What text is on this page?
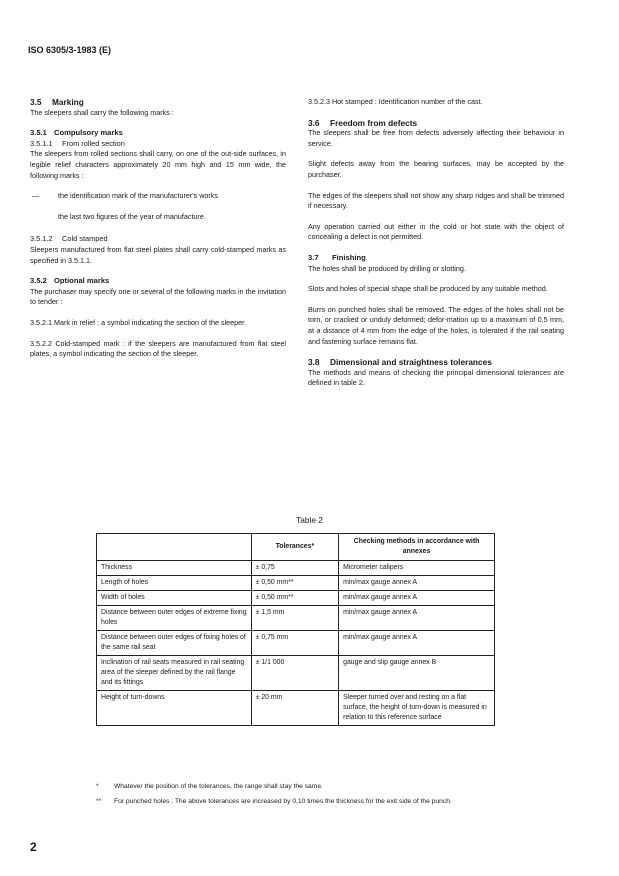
ISO 6305/3-1983 (E)

3.5 Marking

The sleepers shall carry the following marks :

3.5.1 Compulsory marks

3.5.1.1 From rolled section

The sleepers from rolled sections shall carry, on one of the out-side surfaces, in legible relief characters approximately 20 mm high and 15 mm wide, the following marks :

—	the identification mark of the manufacturer's works

the last two figures of the year of manufacture.

3.5.1.2 Cold stamped

Sleepers manufactured from flat steel plates shall carry cold-stamped marks as specified in 3.5.1.1.

3.5.2 Optional marks

The purchaser may specify one or several of the following marks in the invitation to tender :

3.5.2.1 Mark in relief : a symbol indicating the section of the sleeper.

3.5.2.2 Cold-stamped mark : if the sleepers are manufactured from flat steel plates, a symbol indicating the section of the sleeper.

3.5.2.3 Hot stamped : Identification number of the cast.

3.6 Freedom from defects

The sleepers shall be free from defects adversely affecting their behaviour in service.

Slight defects away from the bearing surfaces, may be accepted by the purchaser.

The edges of the sleepers shall not show any sharp ridges and shall be trimmed if necessary.

Any operation carried out either in the cold or hot state with the object of concealing a defect is not permitted.

3.7 Finishing

The holes shall be produced by drilling or slotting.

Slots and holes of special shape shall be produced by any suitable method.

Burrs on punched holes shall be removed. The edges of the holes shall not be torn, or cracked or unduly deformed; defor-mation up to a maximum of 0,5 mm, at a distance of 4 mm from the edge of the holes, is tolerated if the rail seating and fastening surface remains flat.

3.8 Dimensional and straightness tolerances

The methods and means of checking the principal dimensional tolerances are defined in table 2.

Table 2
	Tolerances*	Checking methods in accordance with annexes
Thickness	± 0,75	Micrometer calipers
Length of holes	± 0,50 mm**	min/max gauge annex A
Width of holes	± 0,50 mm**	min/max gauge annex A
Distance between outer edges of extreme fixing holes	± 1,5 mm	min/max gauge annex A
Distance between outer edges of fixing holes of the same rail seat	± 0,75 mm	min/max gauge annex A
Inclination of rail seats measured in rail seating area of the sleeper defined by the rail flange and its fittings	± 1/1 000	gauge and slip gauge annex B
Height of turn-downs	± 20 mm	Sleeper turned over and resting on a flat surface, the height of turn-down is measured in relation to this reference surface

* Whatever the position of the tolerances, the range shall stay the same.

** For punched holes : The above tolerances are increased by 0,10 times the thickness for the exit side of the punch.

2
